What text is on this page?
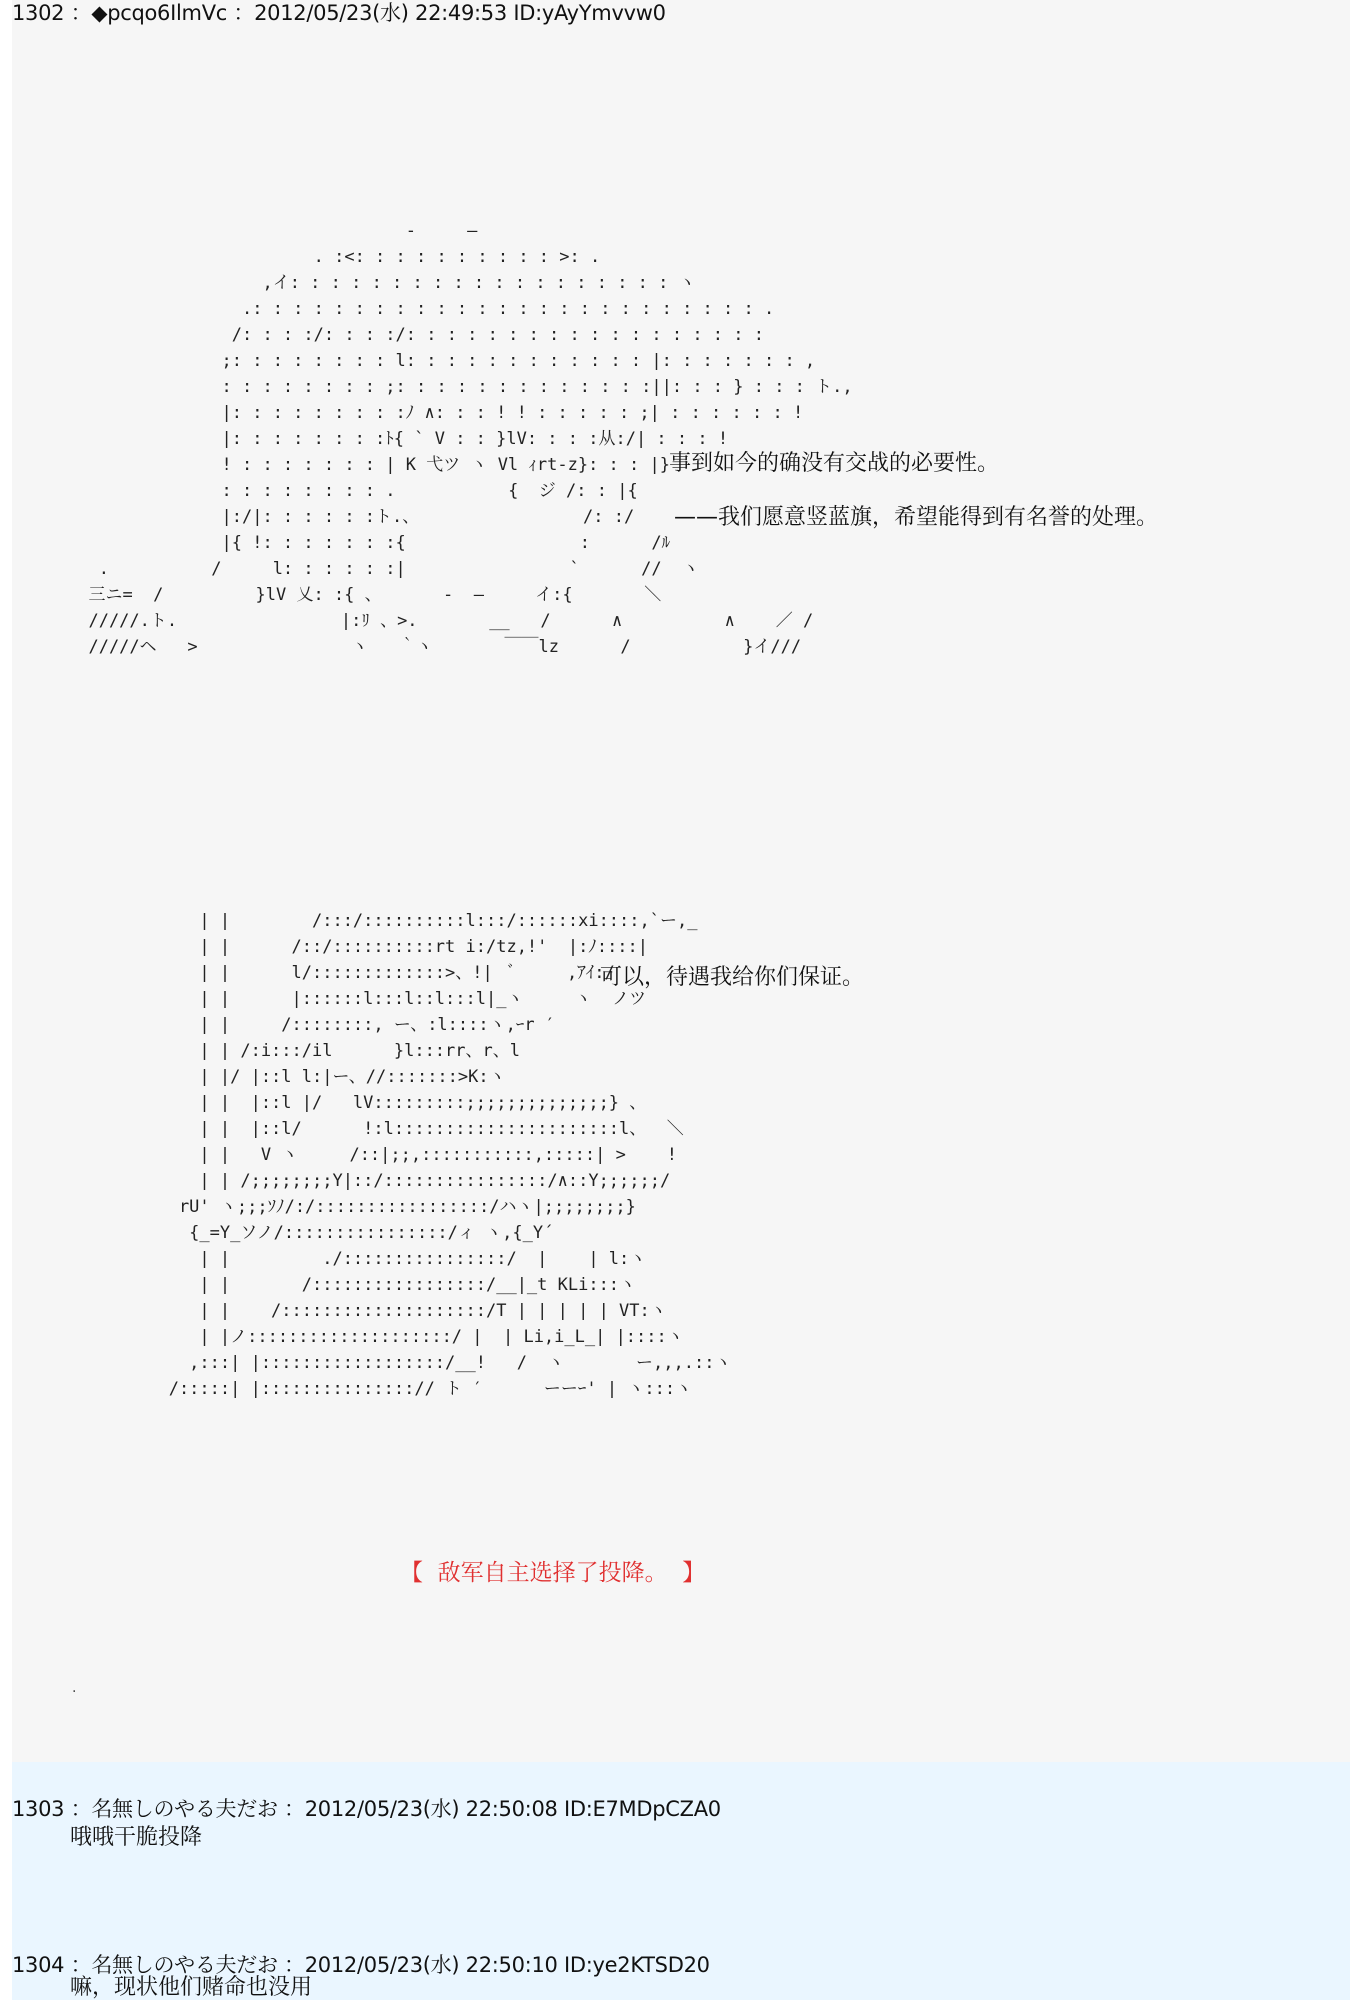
1302 ：◆pcqo6IlmVc ：2012/05/23(水) 22:49:53 ID:yAyYmvvw0
-     ―
. :<: : : : : : : : : : >: .
,イ: : : : : : : : : : : : : : : : : : : ヽ
.: : : : : : : : : : : : : : : : : : : : : : : : : .
/: : : :/: : : :/: : : : : : : : : : : : : : : : : :
;: : : : : : : : l: : : : : : : : : : : : |: : : : : : : ,
: : : : : : : : ;: : : : : : : : : : : : :||: : : } : : : ト.,
|: : : : : : : : :ﾉ ∧: : : ! ! : : : : : ;| : : : : : : !
|: : : : : : : :ﾄ{ ` V : : }lV: : : :从:/| : : : !
! : : : : : : : | K 弋ツ ヽ Vl ｨrt-z}: : : |}
: : : : : : : : .           {  ジ /: : |{
|:/|: : : : : :ト.、                /: :/
|{ !: : : : : : :{                 :      /ﾙ
.          /     l: : : : : :|                `      //  ヽ
三ニ=  /         }lV 乂: :{ 、      -  ―     イ:{       ＼
/////.ト.                |:ﾘ 、>.       __   /      ∧          ∧    ／ /
/////ヘ   >               ヽ   ｀ヽ       ￣￣lz      /           }イ///
事到如今的确没有交战的必要性。
——我们愿意竖蓝旗，希望能得到有名誉的处理。
| |        /:::/::::::::::l:::/::::::xi::::,`ー,_
| |      /::/::::::::::rt i:/tz,!'  |:ﾉ::::|
| |      l/:::::::::::::>、!|  ﾞ     ,ｱｲ:/
| |      |::::::l:::l::l:::l|_ヽ     ヽ  ノツ
| |     /::::::::, ー、:l::::ヽ,ｰr ′
| | /:i:::/il      }l:::rr、r、l
| |/ |::l l:|ー、//:::::::>K:ヽ
| |  |::l |/   lV:::::::::;;;;;;;;;;;;;;} 、
| |  |::l/      !:l::::::::::::::::::::::l、  ＼
| |   V ヽ     /::|;;,:::::::::::,:::::| >    !
| | /;;;;;;;;Y|::/::::::::::::::::/∧::Y;;;;;;/
rU' ヽ;;;ｿﾉ/:/:::::::::::::::::/ハヽ|;;;;;;;;}
{_=Y_ソノ/::::::::::::::::/ィ ヽ,{_Y´
| |         ./::::::::::::::::/  |    | l:ヽ
| |       /:::::::::::::::::/__|_t KLi:::ヽ
| |    /::::::::::::::::::::/T | | | | | VT:ヽ
| |ノ::::::::::::::::::::/ |  | Li,i_L_| |::::ヽ
,:::| |::::::::::::::::::/__!   /  ヽ       ー,,,.::ヽ
/:::::| |:::::::::::::::// ト ′      ーーｰ' | ヽ:::ヽ
可以，待遇我给你们保证。
【  敌军自主选择了投降。  】
.
1303 ：名無しのやる夫だお ：2012/05/23(水) 22:50:08 ID:E7MDpCZA0
哦哦干脆投降
1304 ：名無しのやる夫だお ：2012/05/23(水) 22:50:10 ID:ye2KTSD20
嘛，现状他们赌命也没用
